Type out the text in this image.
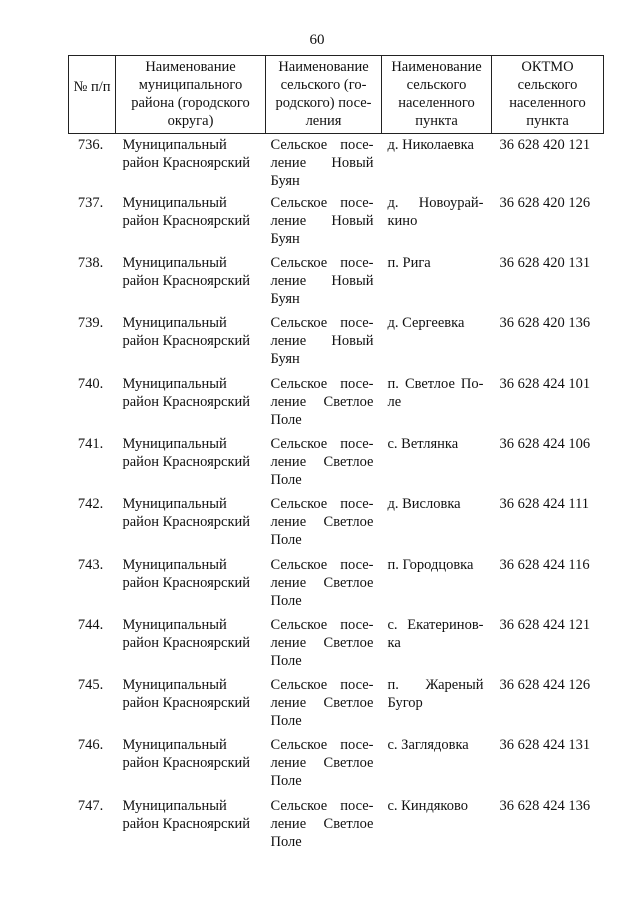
60
№ п/п	Наименование муниципального района (городского округа)	Наименование сельского (го-родского) посе-ления	Наименование сельского населенного пункта	ОКТМО сельского населенного пункта
736.	Муниципальный район Красноярский	Сельское посе-ление Новый Буян	д. Николаевка	36 628 420 121
737.	Муниципальный район Красноярский	Сельское посе-ление Новый Буян	д. Новоурай-кино	36 628 420 126
738.	Муниципальный район Красноярский	Сельское посе-ление Новый Буян	п. Рига	36 628 420 131
739.	Муниципальный район Красноярский	Сельское посе-ление Новый Буян	д. Сергеевка	36 628 420 136
740.	Муниципальный район Красноярский	Сельское посе-ление Светлое Поле	п. Светлое По-ле	36 628 424 101
741.	Муниципальный район Красноярский	Сельское посе-ление Светлое Поле	с. Ветлянка	36 628 424 106
742.	Муниципальный район Красноярский	Сельское посе-ление Светлое Поле	д. Висловка	36 628 424 111
743.	Муниципальный район Красноярский	Сельское посе-ление Светлое Поле	п. Городцовка	36 628 424 116
744.	Муниципальный район Красноярский	Сельское посе-ление Светлое Поле	с. Екатеринов-ка	36 628 424 121
745.	Муниципальный район Красноярский	Сельское посе-ление Светлое Поле	п. Жареный Бугор	36 628 424 126
746.	Муниципальный район Красноярский	Сельское посе-ление Светлое Поле	с. Заглядовка	36 628 424 131
747.	Муниципальный район Красноярский	Сельское посе-ление Светлое Поле	с. Киндяково	36 628 424 136
